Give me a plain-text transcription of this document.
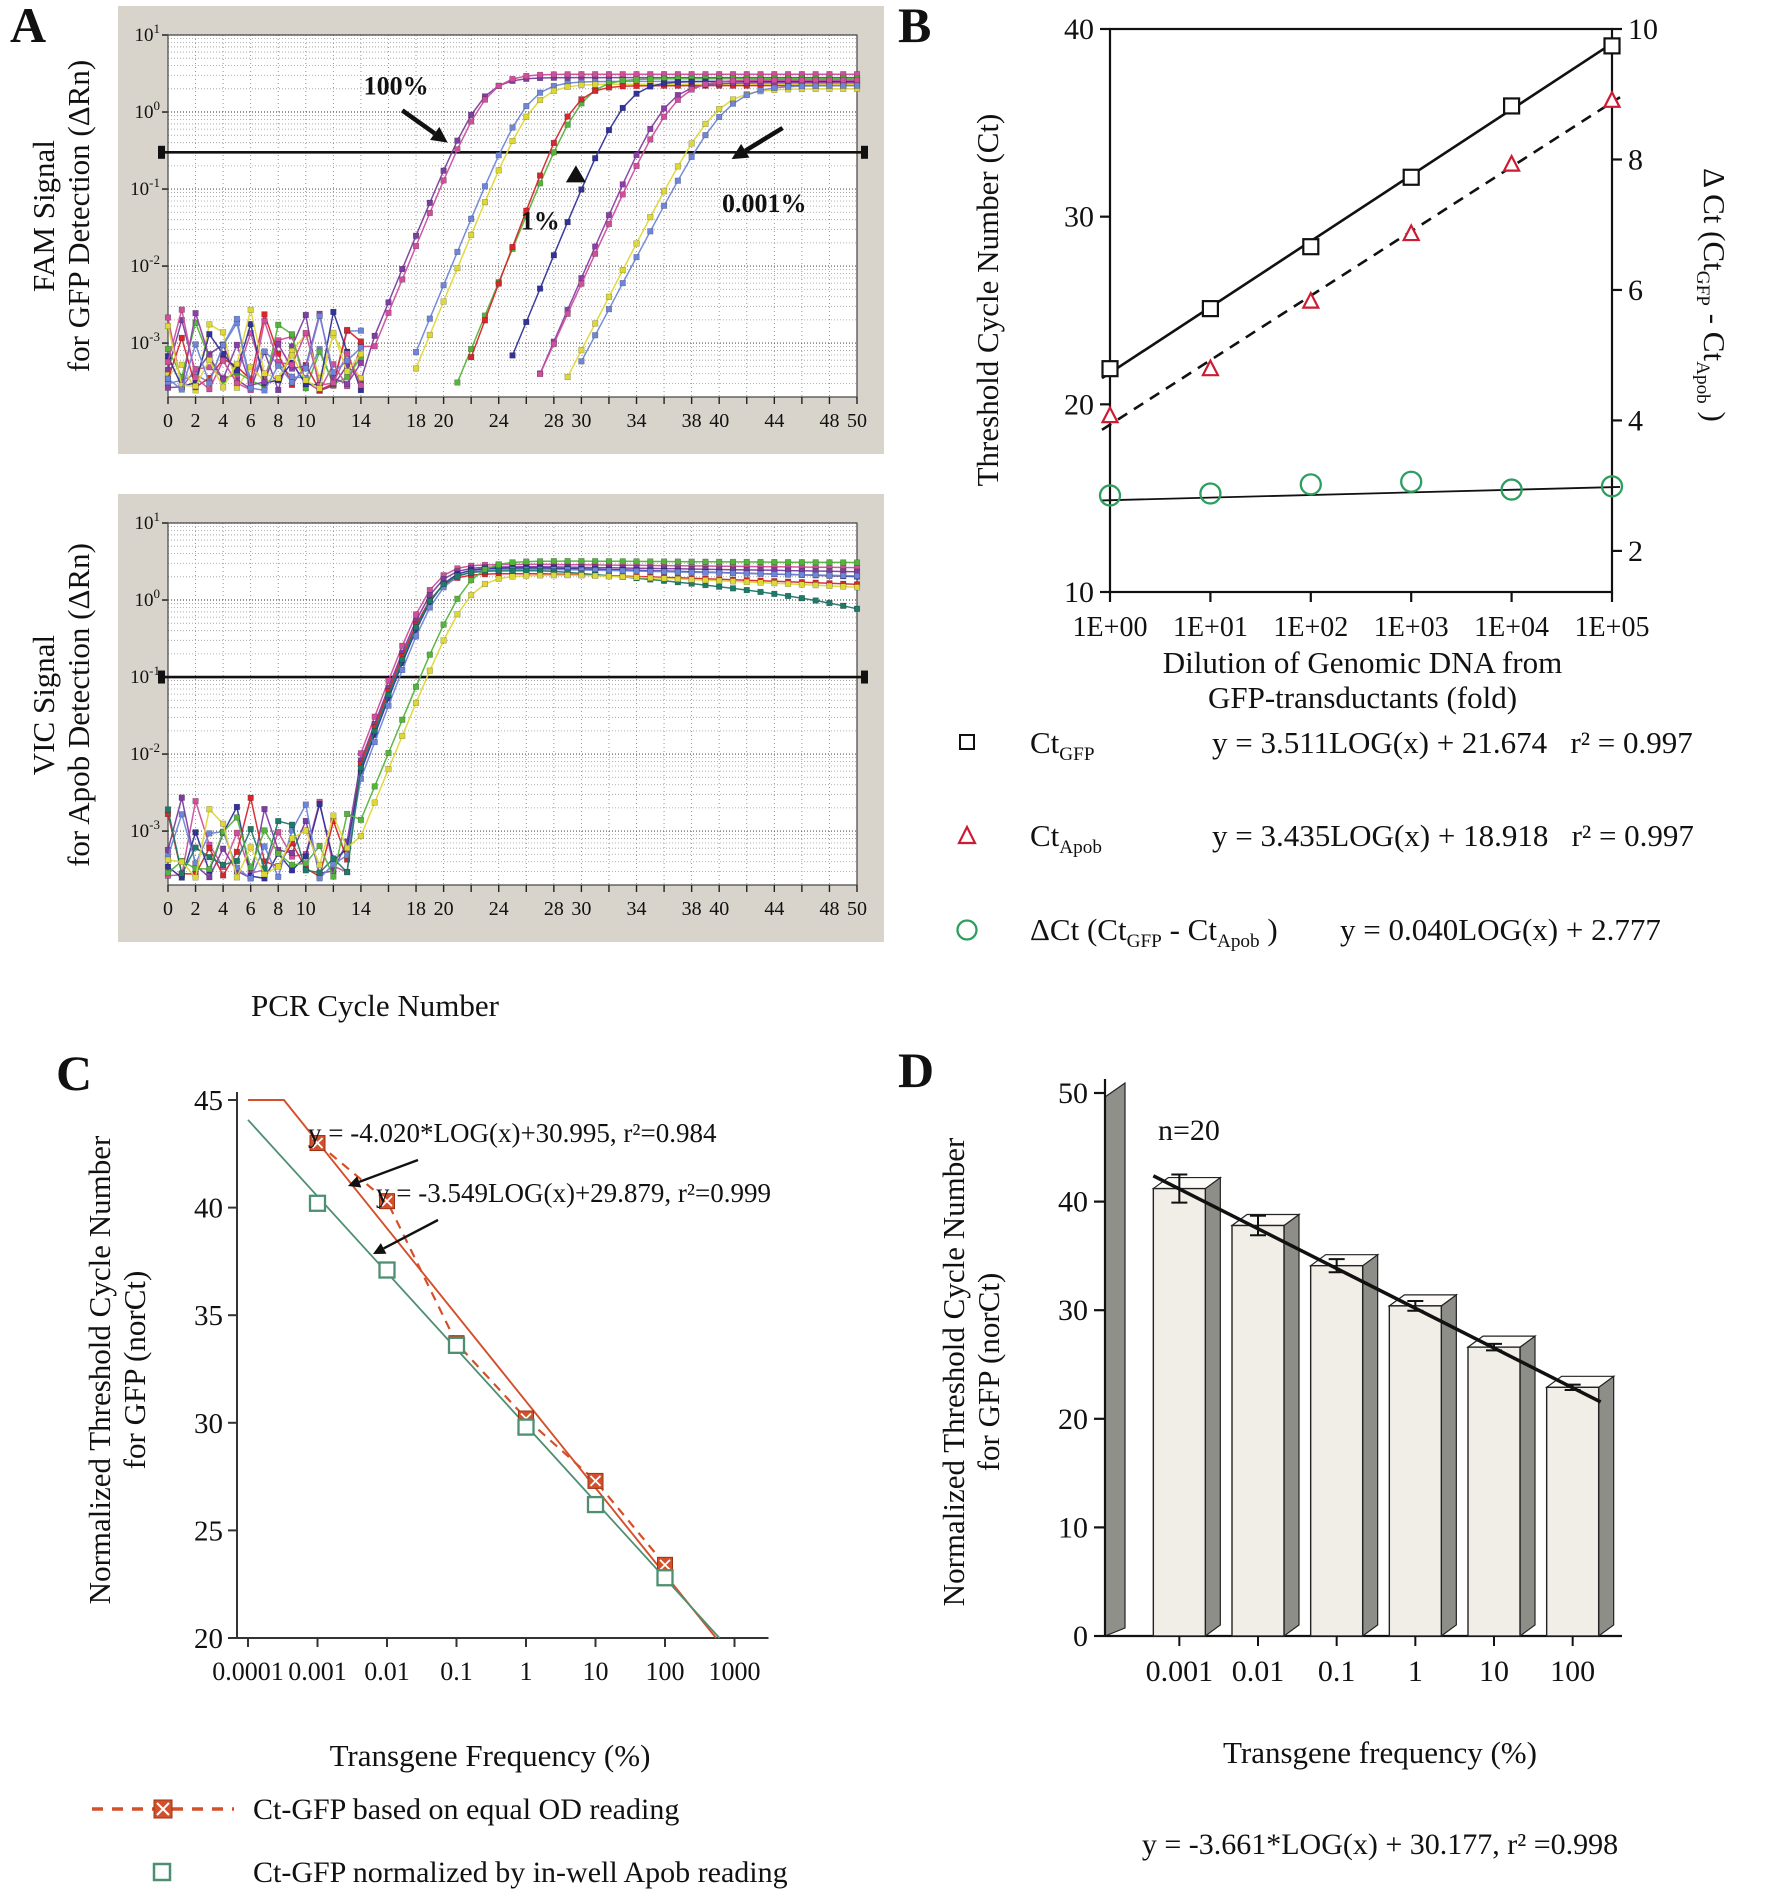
A
FAM Signal for GFP Detection (ΔRn)
0 2 4 6 8 10 14 18 20 24 28 30 34 38 40 44 48 50
$10^1$
$10^0$
$10^{-1}$
$10^{-2}$
$10^{-3}$
100%
1%
0.001%
VIC Signal for Apob Detection (ΔRn)
0 2 4 6 8 10 14 18 20 24 28 30 34 38 40 44 48 50
$10^1$
$10^0$
$10^{-1}$
$10^{-2}$
$10^{-3}$
PCR Cycle Number
B
Threshold Cycle Number (Ct)
10
20
30
40
2
4
6
8
10
1E+00 1E+01 1E+02 1E+03 1E+04 1E+05
Δ Ct ($Ct_{GFP} - Ct_{Apob}$ )
Dilution of Genomic DNA from
GFP-transductants (fold)
$Ct_{GFP}$	y = 3.511LOG(x) + 21.674 r² = 0.997
$Ct_{Apob}$	y = 3.435LOG(x) + 18.918 r² = 0.997
ΔCt ($Ct_{GFP} - Ct_{Apob}$ ) y = 0.040LOG(x) + 2.777
C
Normalized Threshold Cycle Number for GFP (norCt)
20
25
30
35
40
45
0.0001 0.001 0.01 0.1 1 10 100 1000
y = -4.020*LOG(x)+30.995, r²=0.984
y = -3.549LOG(x)+29.879, r²=0.999
Transgene Frequency (%)
Ct-GFP based on equal OD reading
Ct-GFP normalized by in-well Apob reading
D
Normalized Threshold Cycle Number for GFP (norCt)
0
10
20
30
40
50
0.001 0.01 0.1 1 10 100
n=20
Transgene frequency (%)
y = -3.661*LOG(x) + 30.177, r² =0.998
